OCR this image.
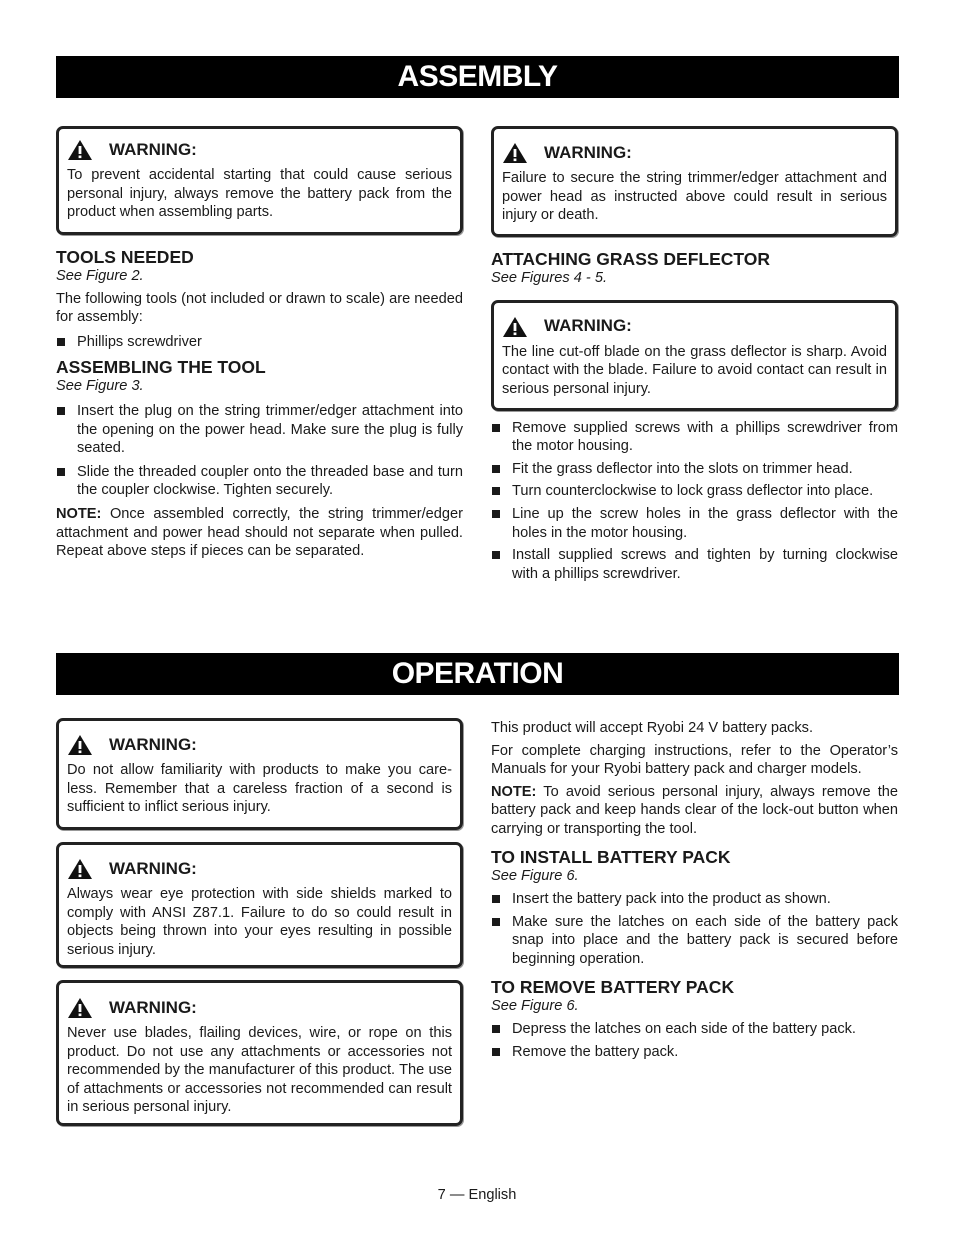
ASSEMBLY
WARNING:
To prevent accidental starting that could cause serious personal injury, always remove the battery pack from the product when assembling parts.
TOOLS NEEDED

See Figure 2.

The following tools (not included or drawn to scale) are needed for assembly:

Phillips screwdriver
ASSEMBLING THE TOOL

See Figure 3.

Insert the plug on the string trimmer/edger attachment into the opening on the power head. Make sure the plug is fully seated.
Slide the threaded coupler onto the threaded base and turn the coupler clockwise. Tighten securely.

NOTE: Once assembled correctly, the string trimmer/edger attachment and power head should not separate when pulled. Repeat above steps if pieces can be separated.

WARNING:
Failure to secure the string trimmer/edger attachment and power head as instructed above could result in serious injury or death.
ATTACHING GRASS DEFLECTOR

See Figures 4 - 5.

WARNING:
The line cut-off blade on the grass deflector is sharp. Avoid contact with the blade. Failure to avoid contact can result in serious personal injury.
Remove supplied screws with a phillips screwdriver from the motor housing.
Fit the grass deflector into the slots on trimmer head.
Turn counterclockwise to lock grass deflector into place.
Line up the screw holes in the grass deflector with the holes in the motor housing.
Install supplied screws and tighten by turning clockwise with a phillips screwdriver.
OPERATION
WARNING:
Do not allow familiarity with products to make you care-less. Remember that a careless fraction of a second is sufficient to inflict serious injury.
WARNING:
Always wear eye protection with side shields marked to comply with ANSI Z87.1. Failure to do so could result in objects being thrown into your eyes resulting in possible serious injury.
WARNING:
Never use blades, flailing devices, wire, or rope on this product. Do not use any attachments or accessories not recommended by the manufacturer of this product. The use of attachments or accessories not recommended can result in serious personal injury.

This product will accept Ryobi 24 V battery packs.

For complete charging instructions, refer to the Operator’s Manuals for your Ryobi battery pack and charger models.

NOTE: To avoid serious personal injury, always remove the battery pack and keep hands clear of the lock-out button when carrying or transporting the tool.

TO INSTALL BATTERY PACK

See Figure 6.

Insert the battery pack into the product as shown.
Make sure the latches on each side of the battery pack snap into place and the battery pack is secured before beginning operation.
TO REMOVE BATTERY PACK

See Figure 6.

Depress the latches on each side of the battery pack.
Remove the battery pack.
7 — English
